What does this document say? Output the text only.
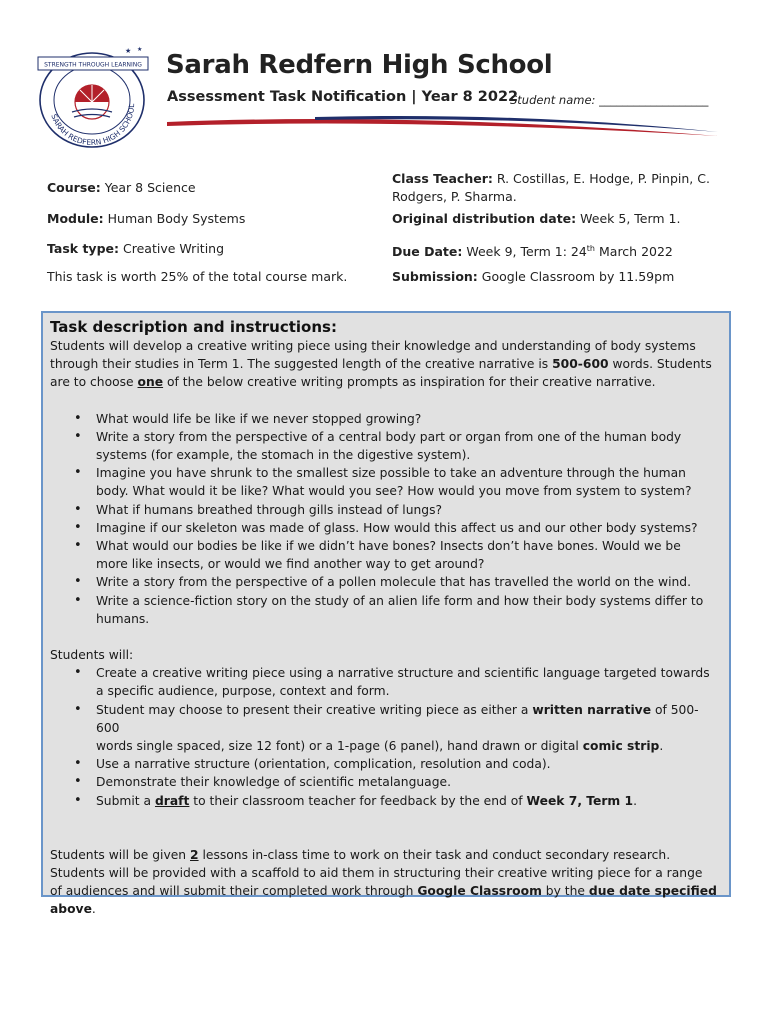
SARAH REDFERN HIGH SCHOOL
STRENGTH THROUGH LEARNING
★ ★ Sarah Redfern High School
Assessment Task Notification | Year 8 2022
Student name: ___________________
Course: Year 8 Science
Module: Human Body Systems
Task type: Creative Writing
This task is worth 25% of the total course mark.
Class Teacher: R. Costillas, E. Hodge, P. Pinpin, C.
Rodgers, P. Sharma.
Original distribution date: Week 5, Term 1.
Due Date: Week 9, Term 1: 24th March 2022
Submission: Google Classroom by 11.59pm

Task description and instructions:

Students will develop a creative writing piece using their knowledge and understanding of body systems
through their studies in Term 1. The suggested length of the creative narrative is 500-600 words. Students
are to choose one of the below creative writing prompts as inspiration for their creative narrative.

• What would life be like if we never stopped growing?
• Write a story from the perspective of a central body part or organ from one of the human body
systems (for example, the stomach in the digestive system).
• Imagine you have shrunk to the smallest size possible to take an adventure through the human
body. What would it be like? What would you see? How would you move from system to system?
• What if humans breathed through gills instead of lungs?
• Imagine if our skeleton was made of glass. How would this affect us and our other body systems?
• What would our bodies be like if we didn’t have bones? Insects don’t have bones. Would we be
more like insects, or would we find another way to get around?
• Write a story from the perspective of a pollen molecule that has travelled the world on the wind.
• Write a science-fiction story on the study of an alien life form and how their body systems differ to
humans.

Students will:

• Create a creative writing piece using a narrative structure and scientific language targeted towards
a specific audience, purpose, context and form.
• Student may choose to present their creative writing piece as either a written narrative of 500-600
words single spaced, size 12 font) or a 1-page (6 panel), hand drawn or digital comic strip.
• Use a narrative structure (orientation, complication, resolution and coda).
• Demonstrate their knowledge of scientific metalanguage.
• Submit a draft to their classroom teacher for feedback by the end of Week 7, Term 1.

Students will be given 2 lessons in-class time to work on their task and conduct secondary research.
Students will be provided with a scaffold to aid them in structuring their creative writing piece for a range
of audiences and will submit their completed work through Google Classroom by the due date specified
above.
